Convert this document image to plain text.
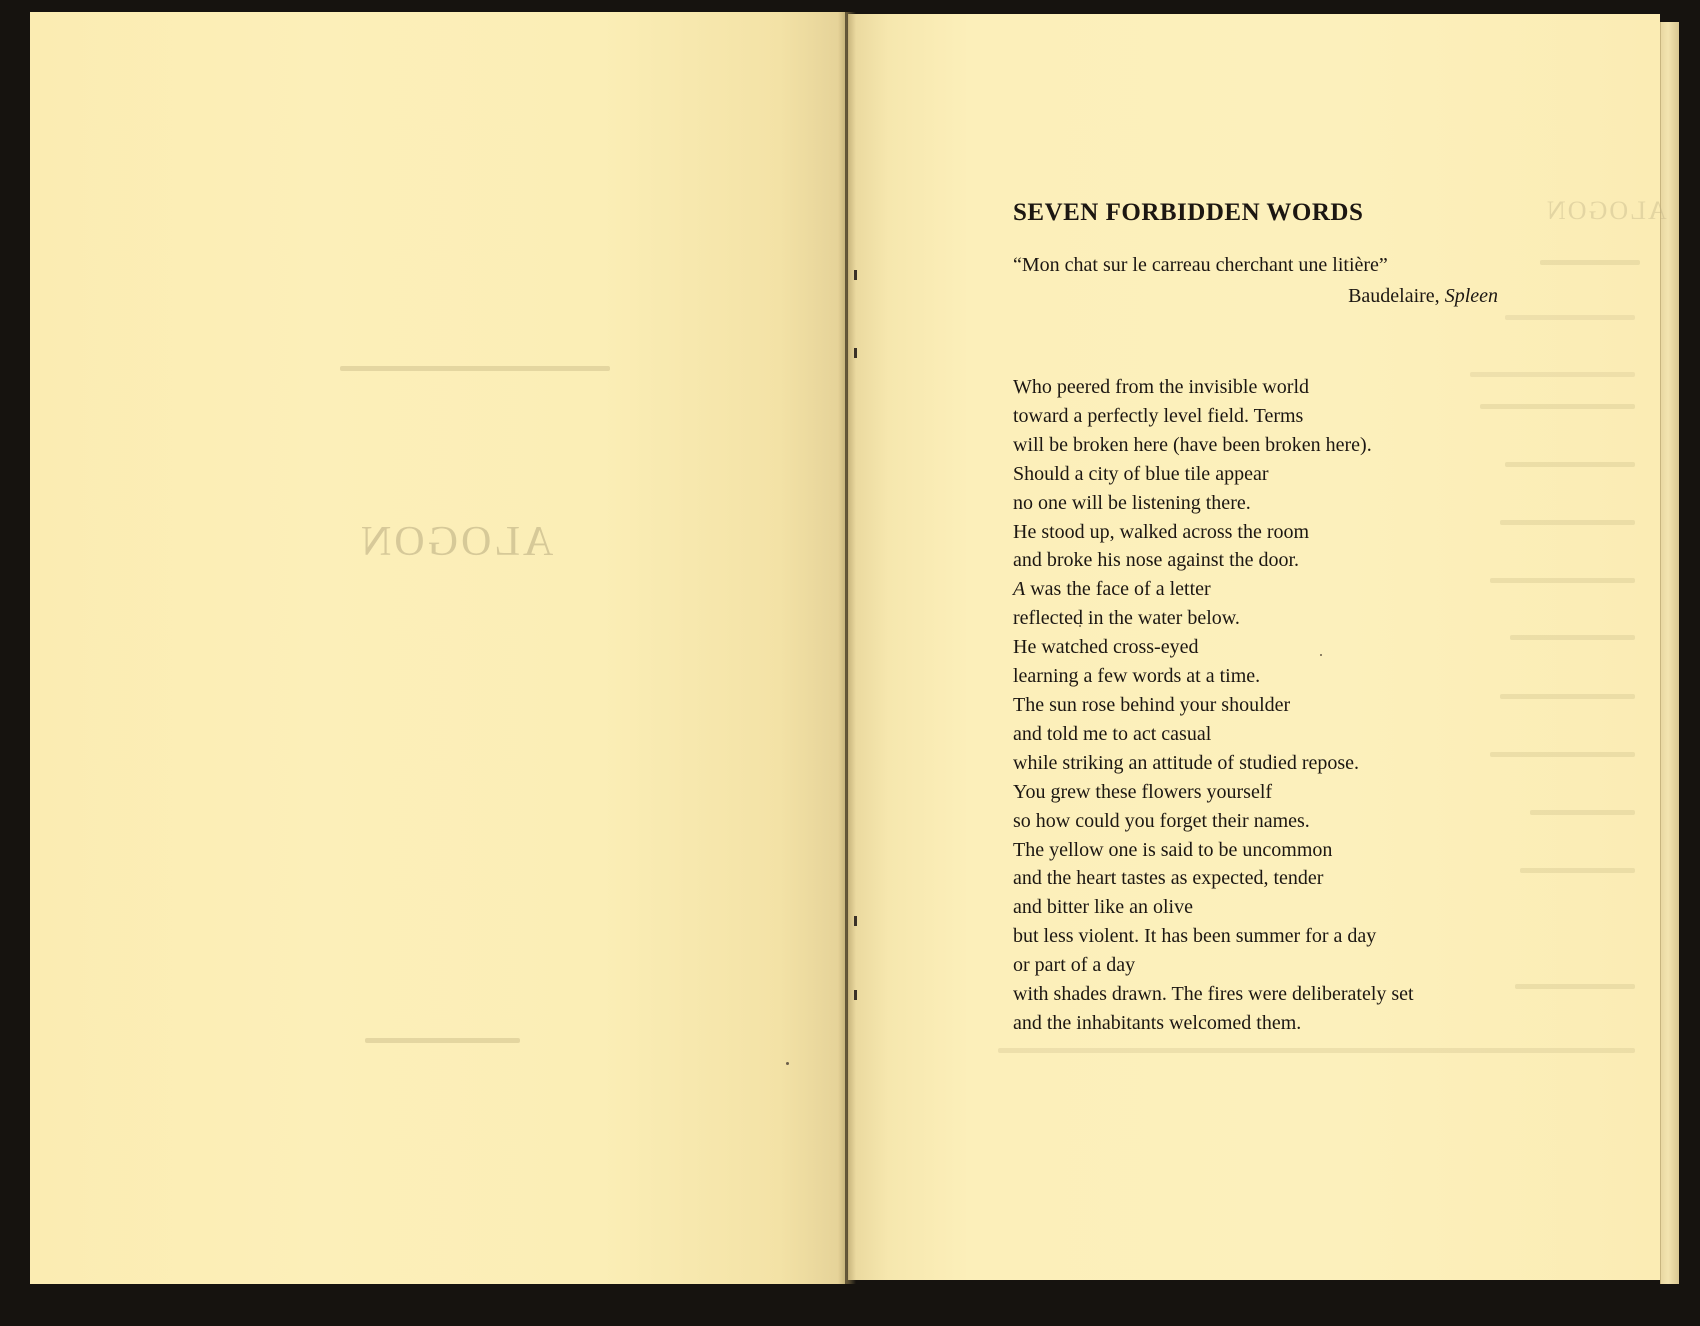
ALOGON
ALOGON
SEVEN FORBIDDEN WORDS
“Mon chat sur le carreau cherchant une litière”
Baudelaire, Spleen
Who peered from the invisible world
toward a perfectly level field. Terms
will be broken here (have been broken here).
Should a city of blue tile appear
no one will be listening there.
He stood up, walked across the room
and broke his nose against the door.
A was the face of a letter
reflected in the water below.
He watched cross-eyed
learning a few words at a time.
The sun rose behind your shoulder
and told me to act casual
while striking an attitude of studied repose.
You grew these flowers yourself
so how could you forget their names.
The yellow one is said to be uncommon
and the heart tastes as expected, tender
and bitter like an olive
but less violent. It has been summer for a day
or part of a day
with shades drawn. The fires were deliberately set
and the inhabitants welcomed them.
